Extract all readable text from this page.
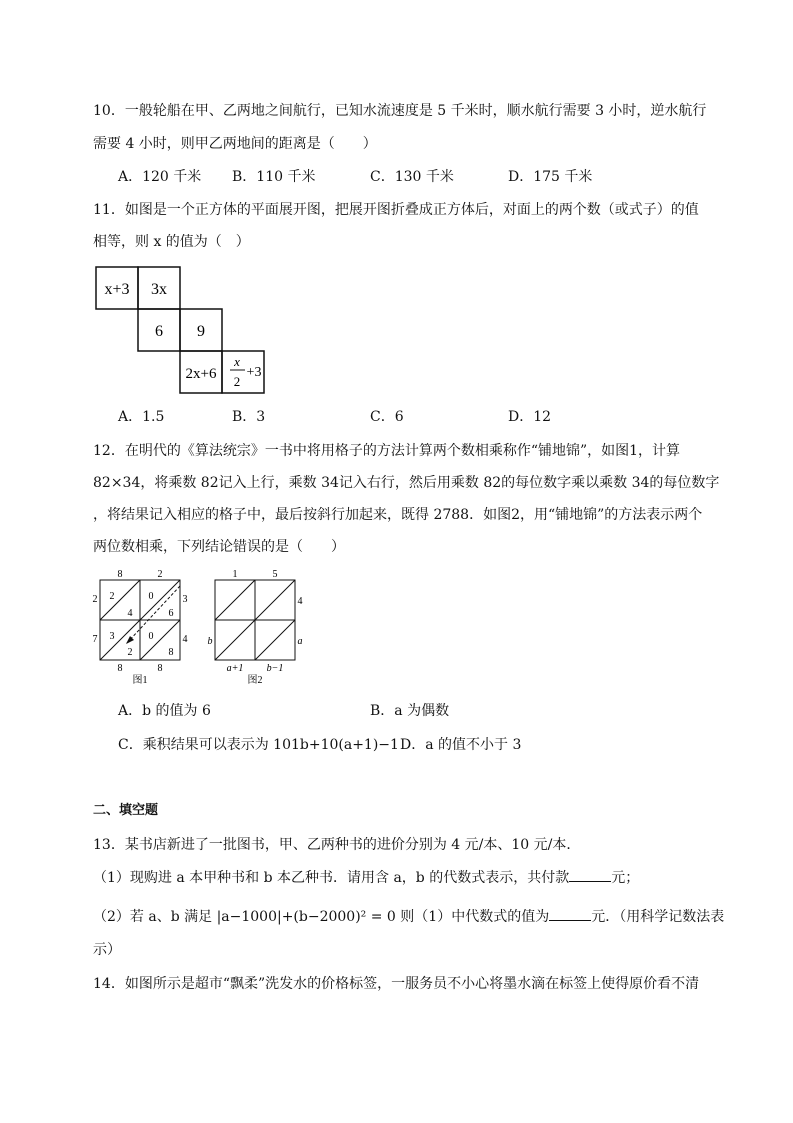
10．一般轮船在甲、乙两地之间航行，已知水流速度是 5 千米时，顺水航行需要 3 小时，逆水航行
需要 4 小时，则甲乙两地间的距离是（　　）
A．120 千米 B．110 千米	C．130 千米	D．175 千米
11．如图是一个正方体的平面展开图，把展开图折叠成正方体后，对面上的两个数（或式子）的值
相等，则 x 的值为（　）
x+3 3x
6 9
2x+6
x
2
+3
A．1.5	B．3	C．6	D．12
12．在明代的《算法统宗》一书中将用格子的方法计算两个数相乘称作“铺地锦”，如图1，计算
82×34，将乘数 82记入上行，乘数 34记入右行，然后用乘数 82的每位数字乘以乘数 34的每位数字
，将结果记入相应的格子中，最后按斜行加起来，既得 2788．如图2，用“铺地锦”的方法表示两个
两位数相乘，下列结论错误的是（　　）
8	2
2
7
3
4
8	8
2
4
0
6
3
2
0
8
图1
1	5
4
a
b
a+1 b−1
图2
A．b 的值为 6	B．a 为偶数
C．乘积结果可以表示为 101b+10(a+1)−1 D．a 的值不小于 3
二、填空题
13．某书店新进了一批图书，甲、乙两种书的进价分别为 4 元/本、10 元/本．
（1）现购进 a 本甲种书和 b 本乙种书．请用含 a，b 的代数式表示，共付款	元；
（2）若 a、b 满足 |a−1000|+(b−2000)² = 0 则（1）中代数式的值为	元．（用科学记数法表
示）
14．如图所示是超市“飘柔”洗发水的价格标签，一服务员不小心将墨水滴在标签上使得原价看不清
